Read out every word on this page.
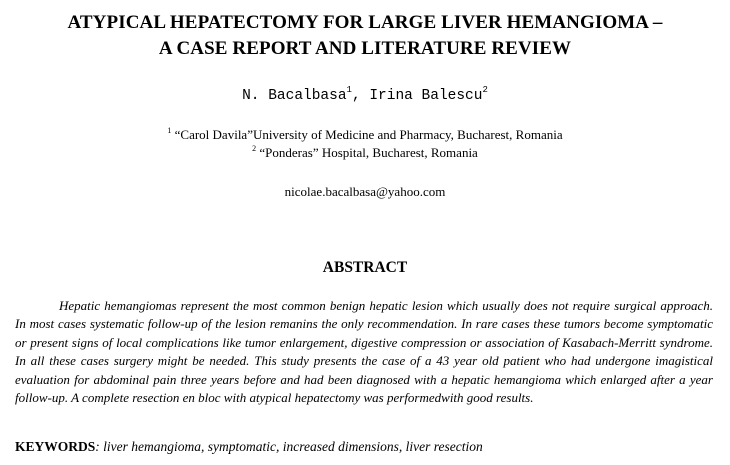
ATYPICAL HEPATECTOMY FOR LARGE LIVER HEMANGIOMA –
A CASE REPORT AND LITERATURE REVIEW
N. Bacalbasa$^1$, Irina Balescu$^2$
$^1$ “Carol Davila”University of Medicine and Pharmacy, Bucharest, Romania
$^2$ “Ponderas” Hospital, Bucharest, Romania
nicolae.bacalbasa@yahoo.com
ABSTRACT

Hepatic hemangiomas represent the most common benign hepatic lesion which usually does not require surgical approach. In most cases systematic follow-up of the lesion remanins the only recommendation. In rare cases these tumors become symptomatic or present signs of local complications like tumor enlargement, digestive compression or association of Kasabach-Merritt syndrome. In all these cases surgery might be needed. This study presents the case of a 43 year old patient who had undergone imagistical evaluation for abdominal pain three years before and had been diagnosed with a hepatic hemangioma which enlarged after a year follow-up. A complete resection en bloc with atypical hepatectomy was performedwith good results.

KEYWORDS: liver hemangioma, symptomatic, increased dimensions, liver resection
